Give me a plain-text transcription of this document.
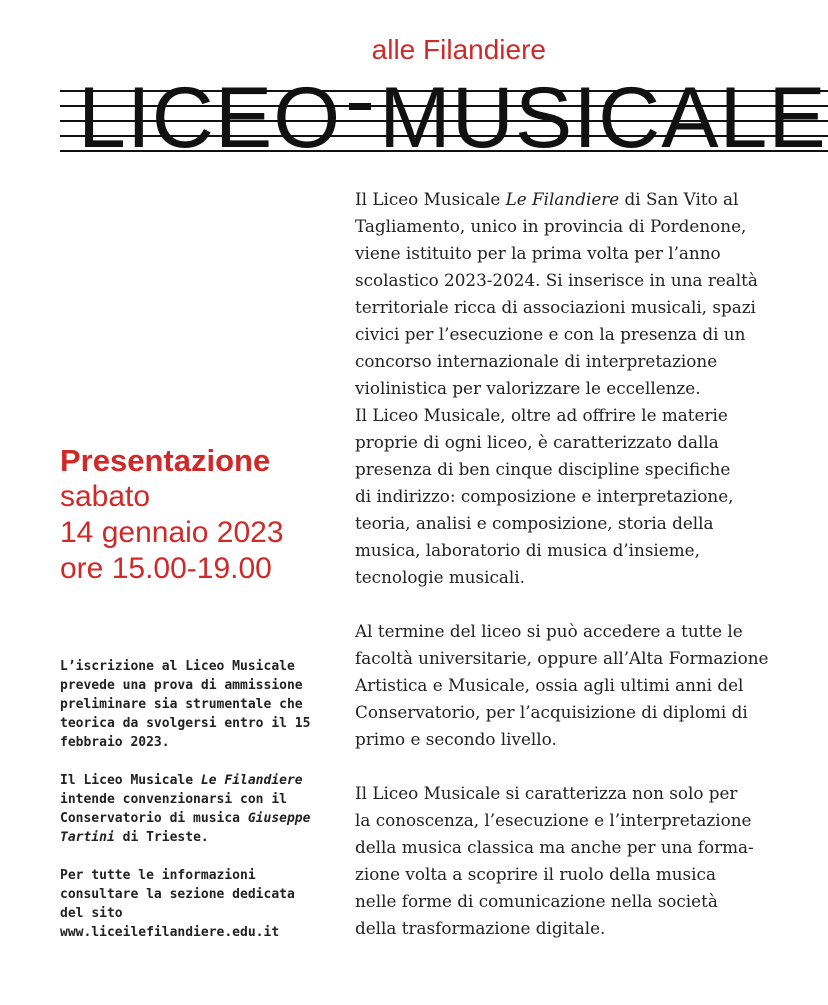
alle Filandiere
LICEO MUSICALE
Presentazione
sabato
14 gennaio 2023
ore 15.00-19.00

L’iscrizione al Liceo Musicale prevede una prova di ammissione preliminare sia strumentale che teorica da svolgersi entro il 15 febbraio 2023.

Il Liceo Musicale Le Filandiere intende convenzionarsi con il Conservatorio di musica Giuseppe Tartini di Trieste.

Per tutte le informazioni consultare la sezione dedicata del sito www.liceilefilandiere.edu.it

Il Liceo Musicale Le Filandiere di San Vito al
Tagliamento, unico in provincia di Pordenone,
viene istituito per la prima volta per l’anno
scolastico 2023-2024. Si inserisce in una realtà
territoriale ricca di associazioni musicali, spazi
civici per l’esecuzione e con la presenza di un
concorso internazionale di interpretazione
violinistica per valorizzare le eccellenze.

Il Liceo Musicale, oltre ad offrire le materie
proprie di ogni liceo, è caratterizzato dalla
presenza di ben cinque discipline specifiche
di indirizzo: composizione e interpretazione,
teoria, analisi e composizione, storia della
musica, laboratorio di musica d’insieme,
tecnologie musicali.

Al termine del liceo si può accedere a tutte le
facoltà universitarie, oppure all’Alta Formazione
Artistica e Musicale, ossia agli ultimi anni del
Conservatorio, per l’acquisizione di diplomi di
primo e secondo livello.

Il Liceo Musicale si caratterizza non solo per
la conoscenza, l’esecuzione e l’interpretazione
della musica classica ma anche per una forma-
zione volta a scoprire il ruolo della musica
nelle forme di comunicazione nella società
della trasformazione digitale.
